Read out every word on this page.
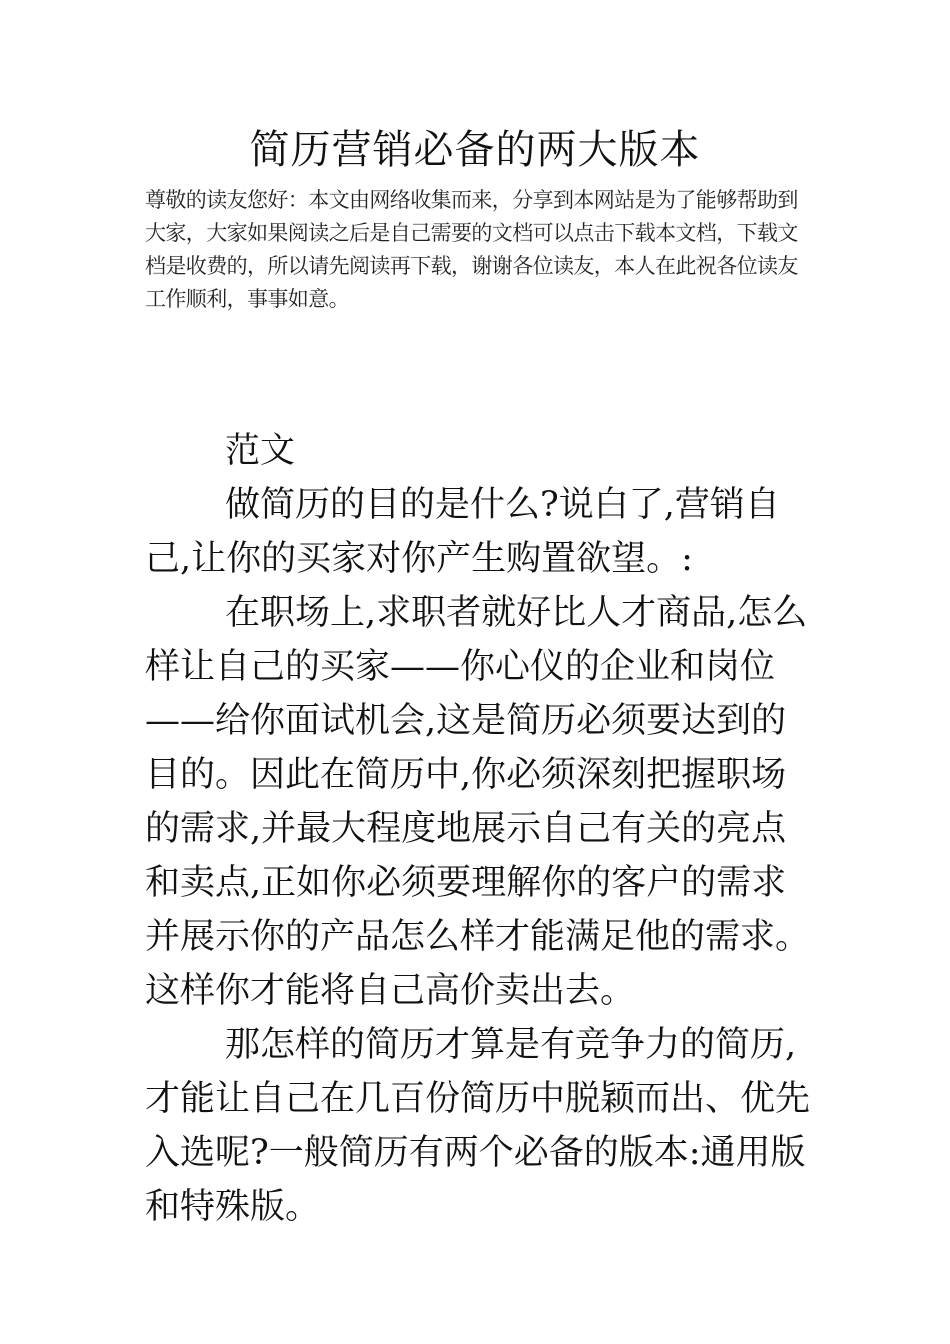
简历营销必备的两大版本
尊敬的读友您好：本文由网络收集而来，分享到本网站是为了能够帮助到大家，大家如果阅读之后是自己需要的文档可以点击下载本文档，下载文档是收费的，所以请先阅读再下载，谢谢各位读友，本人在此祝各位读友工作顺利，事事如意。

范文

做简历的目的是什么?说白了,营销自己,让你的买家对你产生购置欲望。:

在职场上,求职者就好比人才商品,怎么样让自己的买家——你心仪的企业和岗位——给你面试机会,这是简历必须要达到的目的。因此在简历中,你必须深刻把握职场的需求,并最大程度地展示自己有关的亮点和卖点,正如你必须要理解你的客户的需求并展示你的产品怎么样才能满足他的需求。这样你才能将自己高价卖出去。

那怎样的简历才算是有竞争力的简历,才能让自己在几百份简历中脱颖而出、优先入选呢?一般简历有两个必备的版本:通用版和特殊版。
